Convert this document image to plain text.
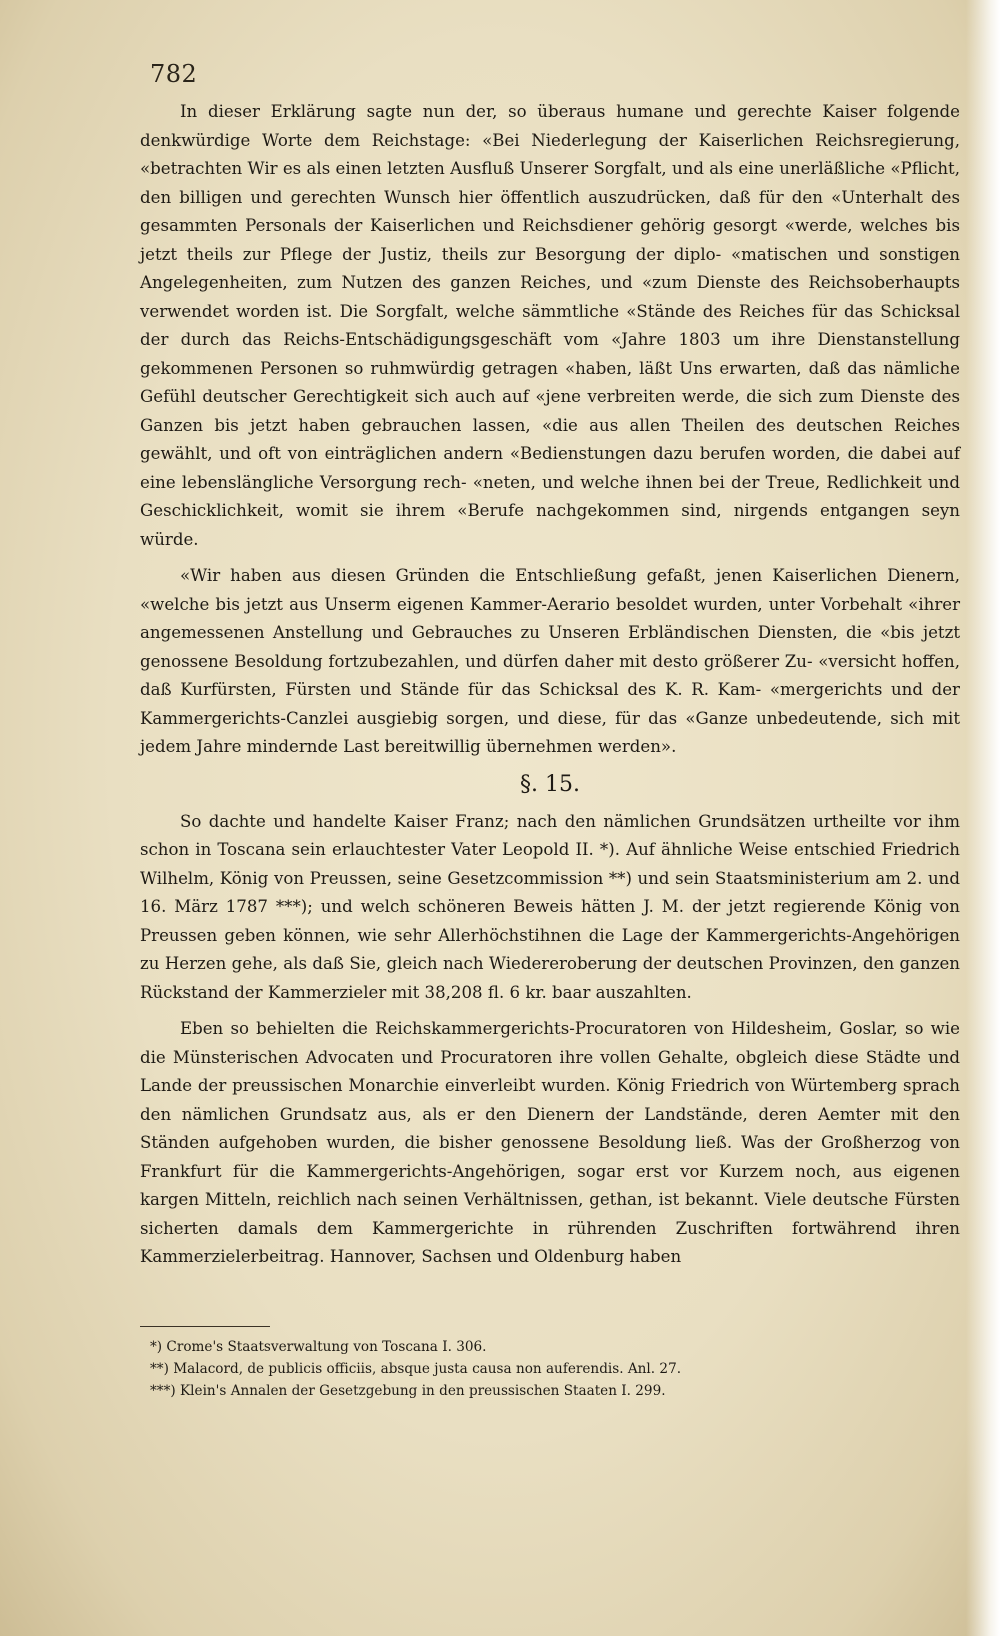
782

In dieser Erklärung sagte nun der, so überaus humane und gerechte Kaiser folgende denkwürdige Worte dem Reichstage: «Bei Niederlegung der Kaiserlichen Reichsregierung, «betrachten Wir es als einen letzten Ausfluß Unserer Sorgfalt, und als eine unerläßliche «Pflicht, den billigen und gerechten Wunsch hier öffentlich auszudrücken, daß für den «Unterhalt des gesammten Personals der Kaiserlichen und Reichsdiener gehörig gesorgt «werde, welches bis jetzt theils zur Pflege der Justiz, theils zur Besorgung der diplo- «matischen und sonstigen Angelegenheiten, zum Nutzen des ganzen Reiches, und «zum Dienste des Reichsoberhaupts verwendet worden ist. Die Sorgfalt, welche sämmtliche «Stände des Reiches für das Schicksal der durch das Reichs-Entschädigungsgeschäft vom «Jahre 1803 um ihre Dienstanstellung gekommenen Personen so ruhmwürdig getragen «haben, läßt Uns erwarten, daß das nämliche Gefühl deutscher Gerechtigkeit sich auch auf «jene verbreiten werde, die sich zum Dienste des Ganzen bis jetzt haben gebrauchen lassen, «die aus allen Theilen des deutschen Reiches gewählt, und oft von einträglichen andern «Bedienstungen dazu berufen worden, die dabei auf eine lebenslängliche Versorgung rech- «neten, und welche ihnen bei der Treue, Redlichkeit und Geschicklichkeit, womit sie ihrem «Berufe nachgekommen sind, nirgends entgangen seyn würde.

«Wir haben aus diesen Gründen die Entschließung gefaßt, jenen Kaiserlichen Dienern, «welche bis jetzt aus Unserm eigenen Kammer-Aerario besoldet wurden, unter Vorbehalt «ihrer angemessenen Anstellung und Gebrauches zu Unseren Erbländischen Diensten, die «bis jetzt genossene Besoldung fortzubezahlen, und dürfen daher mit desto größerer Zu- «versicht hoffen, daß Kurfürsten, Fürsten und Stände für das Schicksal des K. R. Kam- «mergerichts und der Kammergerichts-Canzlei ausgiebig sorgen, und diese, für das «Ganze unbedeutende, sich mit jedem Jahre mindernde Last bereitwillig übernehmen werden».

§. 15.

So dachte und handelte Kaiser Franz; nach den nämlichen Grundsätzen urtheilte vor ihm schon in Toscana sein erlauchtester Vater Leopold II. *). Auf ähnliche Weise entschied Friedrich Wilhelm, König von Preussen, seine Gesetzcommission **) und sein Staatsministerium am 2. und 16. März 1787 ***); und welch schöneren Beweis hätten J. M. der jetzt regierende König von Preussen geben können, wie sehr Allerhöchstihnen die Lage der Kammergerichts-Angehörigen zu Herzen gehe, als daß Sie, gleich nach Wiedereroberung der deutschen Provinzen, den ganzen Rückstand der Kammerzieler mit 38,208 fl. 6 kr. baar auszahlten.

Eben so behielten die Reichskammergerichts-Procuratoren von Hildesheim, Goslar, so wie die Münsterischen Advocaten und Procuratoren ihre vollen Gehalte, obgleich diese Städte und Lande der preussischen Monarchie einverleibt wurden. König Friedrich von Würtemberg sprach den nämlichen Grundsatz aus, als er den Dienern der Landstände, deren Aemter mit den Ständen aufgehoben wurden, die bisher genossene Besoldung ließ. Was der Großherzog von Frankfurt für die Kammergerichts-Angehörigen, sogar erst vor Kurzem noch, aus eigenen kargen Mitteln, reichlich nach seinen Verhältnissen, gethan, ist bekannt. Viele deutsche Fürsten sicherten damals dem Kammergerichte in rührenden Zuschriften fortwährend ihren Kammerzielerbeitrag. Hannover, Sachsen und Oldenburg haben

*) Crome's Staatsverwaltung von Toscana I. 306.

**) Malacord, de publicis officiis, absque justa causa non auferendis. Anl. 27.

***) Klein's Annalen der Gesetzgebung in den preussischen Staaten I. 299.
